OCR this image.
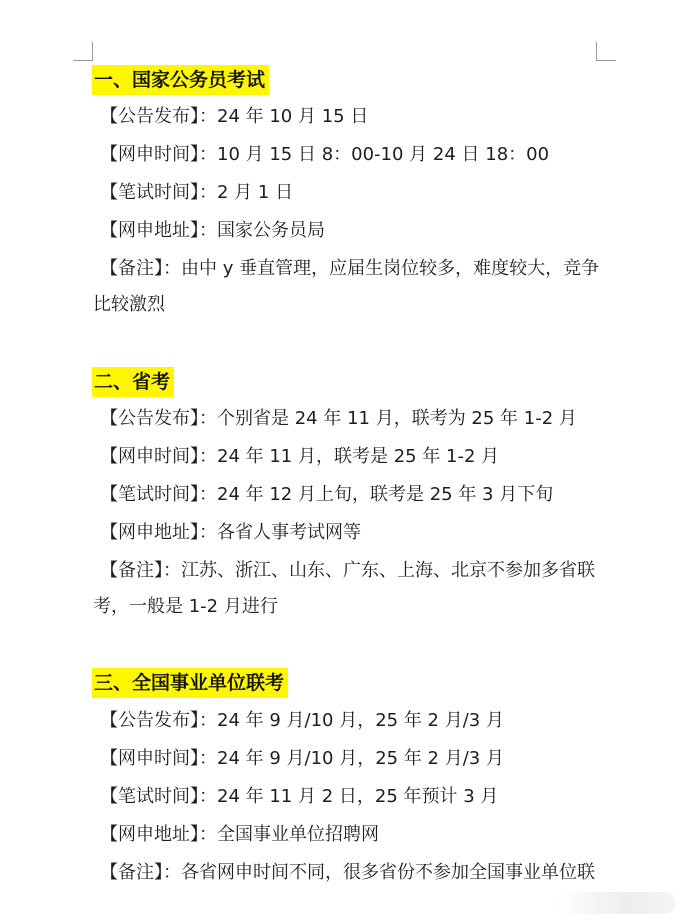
一、国家公务员考试
【公告发布】：24 年 10 月 15 日
【网申时间】：10 月 15 日 8：00-10 月 24 日 18：00
【笔试时间】：2 月 1 日
【网申地址】：国家公务员局
【备注】：由中 y 垂直管理，应届生岗位较多，难度较大，竞争
比较激烈
二、省考
【公告发布】：个别省是 24 年 11 月，联考为 25 年 1-2 月
【网申时间】：24 年 11 月，联考是 25 年 1-2 月
【笔试时间】：24 年 12 月上旬，联考是 25 年 3 月下旬
【网申地址】：各省人事考试网等
【备注】：江苏、浙江、山东、广东、上海、北京不参加多省联
考，一般是 1-2 月进行
三、全国事业单位联考
【公告发布】：24 年 9 月/10 月，25 年 2 月/3 月
【网申时间】：24 年 9 月/10 月，25 年 2 月/3 月
【笔试时间】：24 年 11 月 2 日，25 年预计 3 月
【网申地址】：全国事业单位招聘网
【备注】：各省网申时间不同，很多省份不参加全国事业单位联
